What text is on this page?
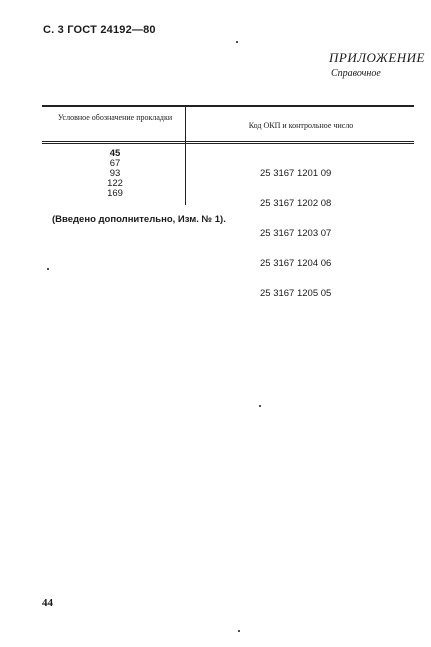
С. 3 ГОСТ 24192—80
ПРИЛОЖЕНИЕ
Справочное
Условное обозначение прокладки
Код ОКП и контрольное число
45
67
93
122
169

25 3167 1201 09

25 3167 1202 08

25 3167 1203 07

25 3167 1204 06

25 3167 1205 05

(Введено дополнительно, Изм. № 1).
44
